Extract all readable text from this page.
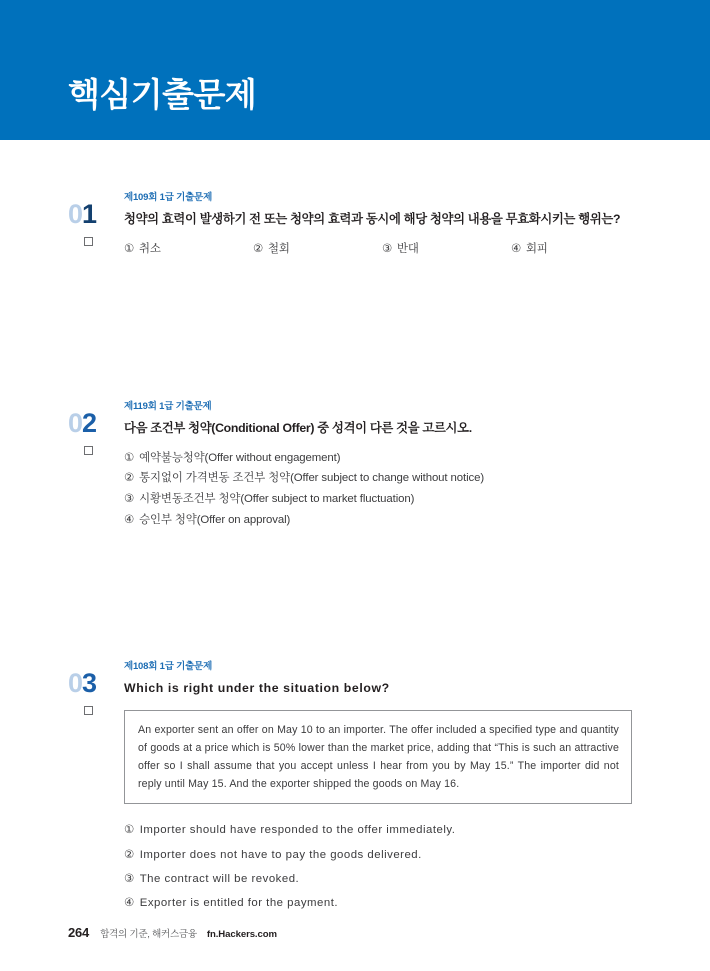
핵심기출문제
01

제109회 1급 기출문제

청약의 효력이 발생하기 전 또는 청약의 효력과 동시에 해당 청약의 내용을 무효화시키는 행위는?

① 취소	② 철회	③ 반대	④ 회피
02

제119회 1급 기출문제

다음 조건부 청약(Conditional Offer) 중 성격이 다른 것을 고르시오.

① 예약불능청약(Offer without engagement)
② 통지없이 가격변동 조건부 청약(Offer subject to change without notice)
③ 시황변동조건부 청약(Offer subject to market fluctuation)
④ 승인부 청약(Offer on approval)
03

제108회 1급 기출문제

Which is right under the situation below?

An exporter sent an offer on May 10 to an importer. The offer included a specified type and quantity of goods at a price which is 50% lower than the market price, adding that “This is such an attractive offer so I shall assume that you accept unless I hear from you by May 15.” The importer did not reply until May 15. And the exporter shipped the goods on May 16.

① Importer should have responded to the offer immediately.
② Importer does not have to pay the goods delivered.
③ The contract will be revoked.
④ Exporter is entitled for the payment.
264 합격의 기준, 해커스금융 fn.Hackers.com
